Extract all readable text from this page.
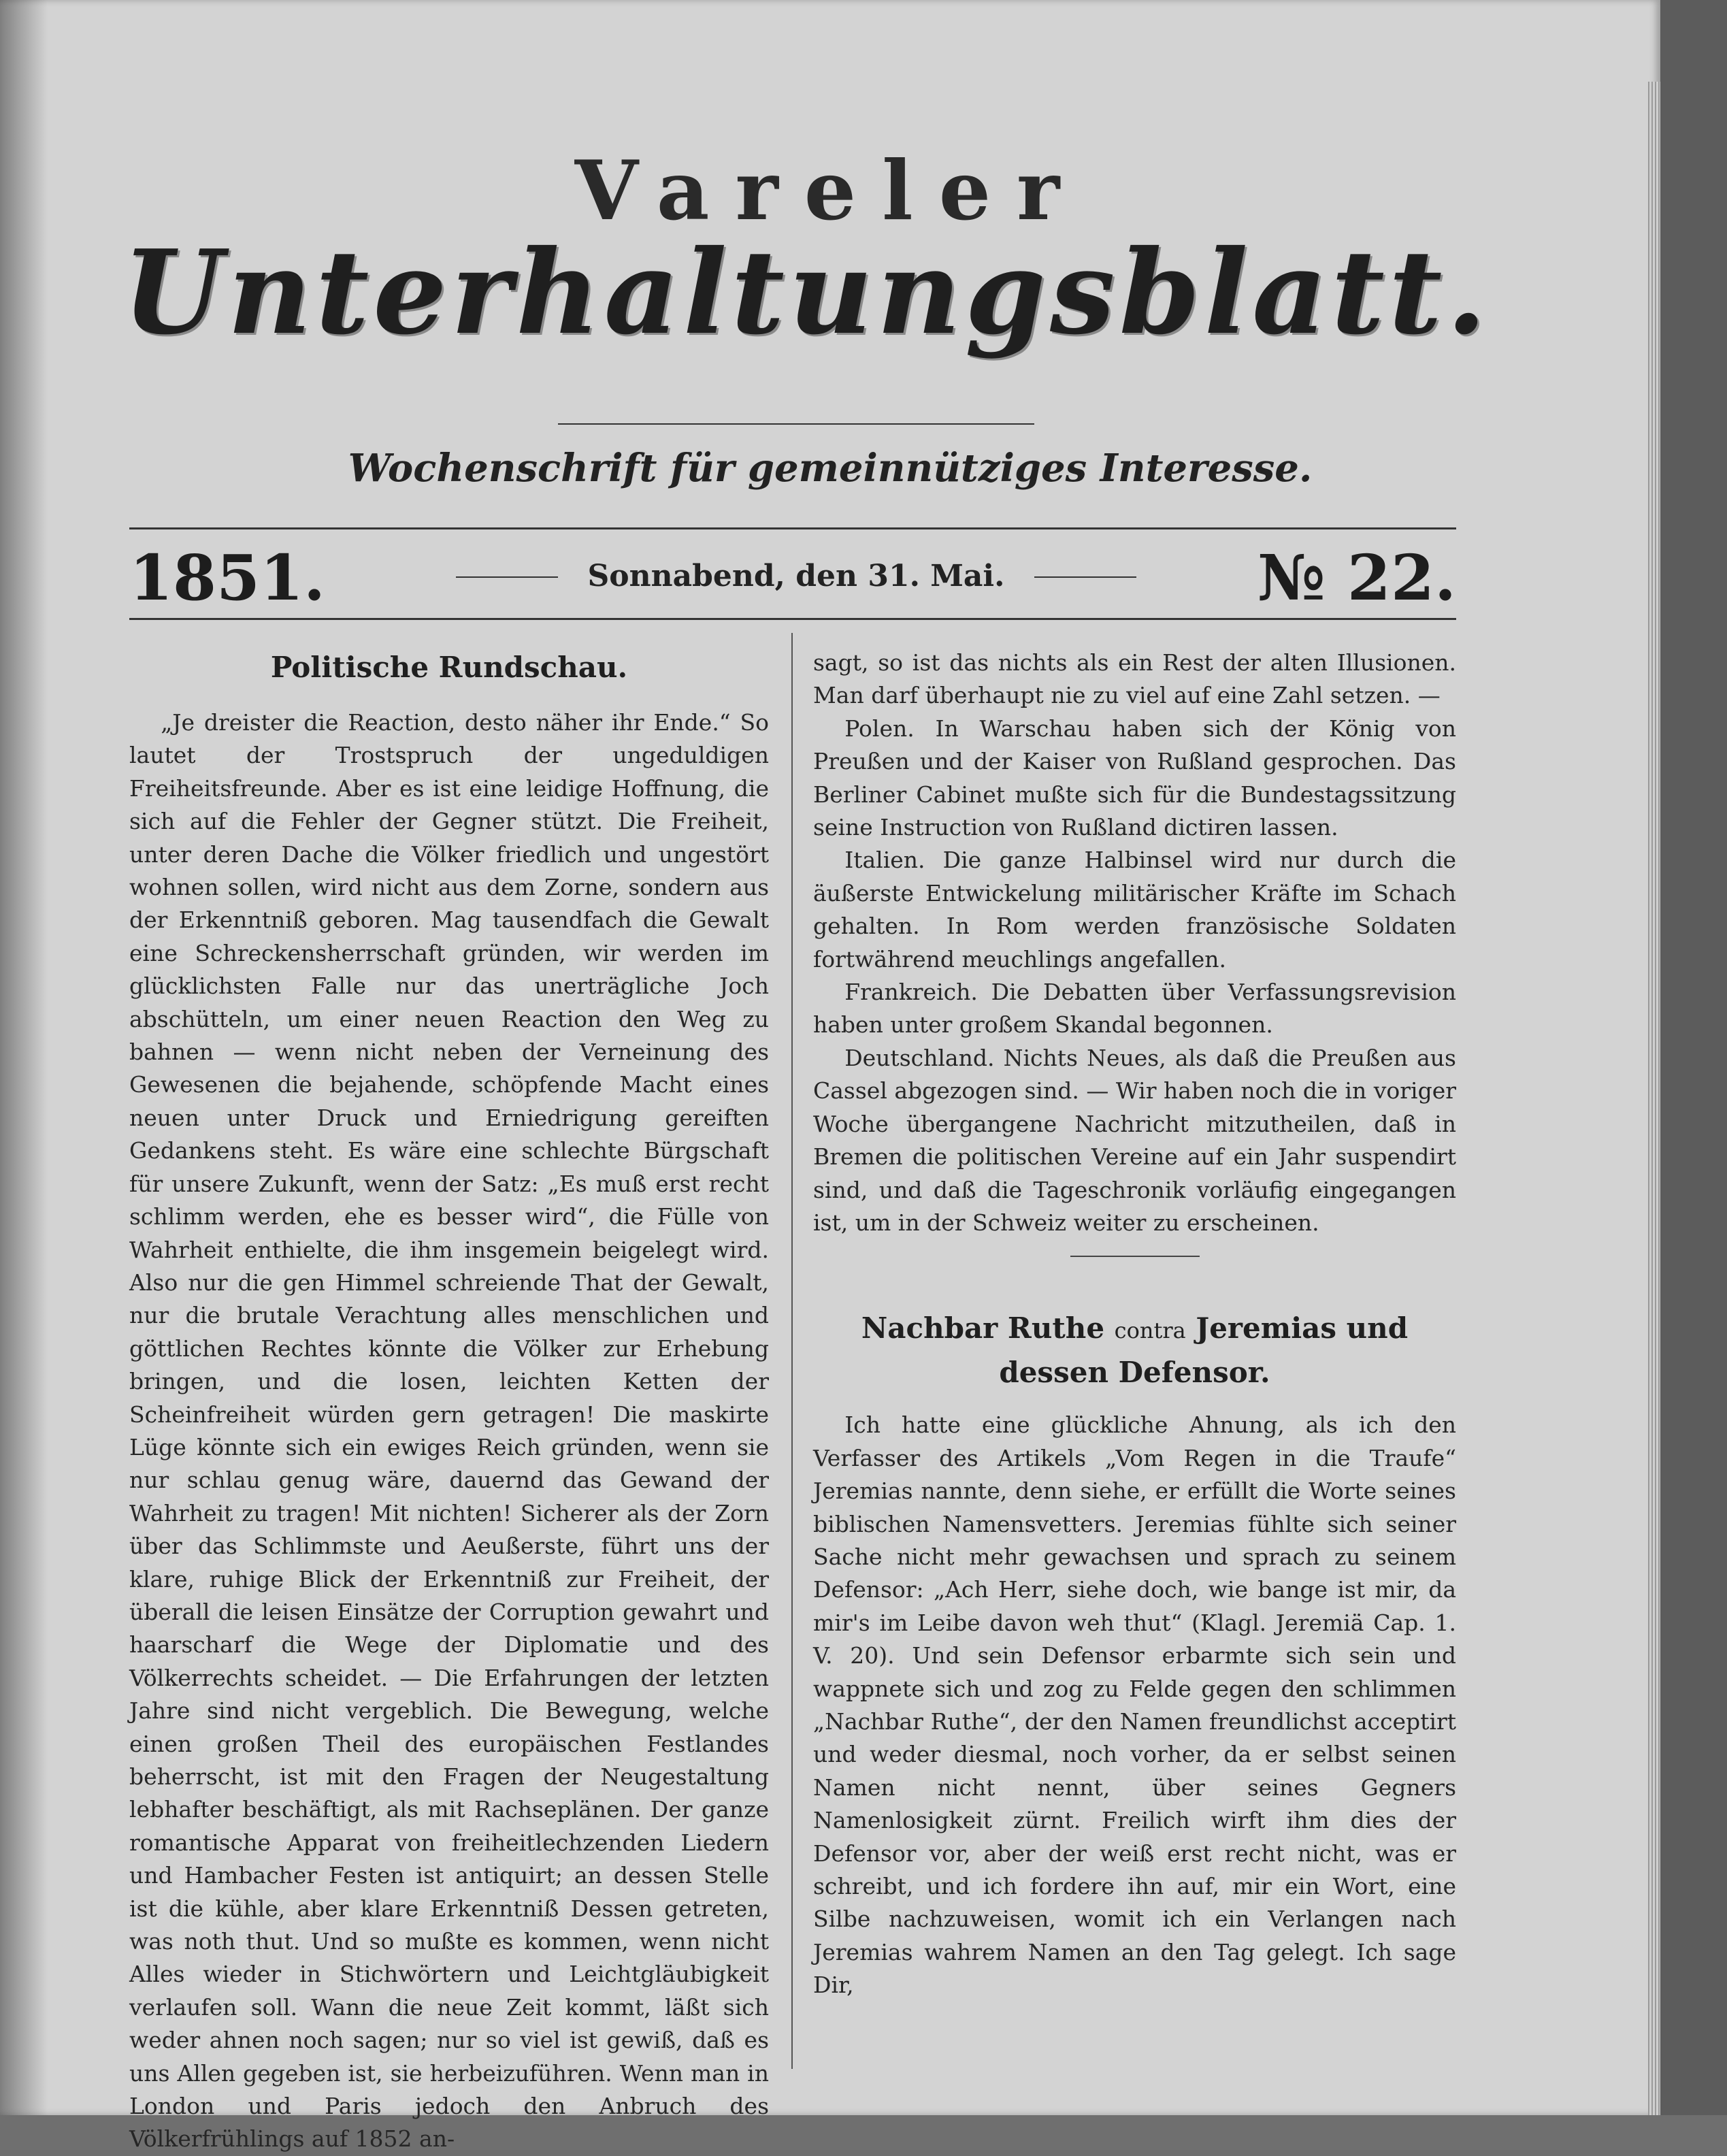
Vareler
Unterhaltungsblatt.
Wochenschrift für gemeinnütziges Interesse.
1851.	Sonnabend, den 31. Mai.	№ 22.
Politische Rundschau.

„Je dreister die Reaction, desto näher ihr Ende.“ So lautet der Trostspruch der ungeduldigen Freiheitsfreunde. Aber es ist eine leidige Hoffnung, die sich auf die Fehler der Gegner stützt. Die Freiheit, unter deren Dache die Völker friedlich und ungestört wohnen sollen, wird nicht aus dem Zorne, sondern aus der Erkenntniß geboren. Mag tausendfach die Gewalt eine Schreckensherrschaft gründen, wir werden im glücklichsten Falle nur das unerträgliche Joch abschütteln, um einer neuen Reaction den Weg zu bahnen — wenn nicht neben der Verneinung des Gewesenen die bejahende, schöpfende Macht eines neuen unter Druck und Erniedrigung gereiften Gedankens steht. Es wäre eine schlechte Bürgschaft für unsere Zukunft, wenn der Satz: „Es muß erst recht schlimm werden, ehe es besser wird“, die Fülle von Wahrheit enthielte, die ihm insgemein beigelegt wird. Also nur die gen Himmel schreiende That der Gewalt, nur die brutale Verachtung alles menschlichen und göttlichen Rechtes könnte die Völker zur Erhebung bringen, und die losen, leichten Ketten der Scheinfreiheit würden gern getragen! Die maskirte Lüge könnte sich ein ewiges Reich gründen, wenn sie nur schlau genug wäre, dauernd das Gewand der Wahrheit zu tragen! Mit nichten! Sicherer als der Zorn über das Schlimmste und Aeußerste, führt uns der klare, ruhige Blick der Erkenntniß zur Freiheit, der überall die leisen Einsätze der Corruption gewahrt und haarscharf die Wege der Diplomatie und des Völkerrechts scheidet. — Die Erfahrungen der letzten Jahre sind nicht vergeblich. Die Bewegung, welche einen großen Theil des europäischen Festlandes beherrscht, ist mit den Fragen der Neugestaltung lebhafter beschäftigt, als mit Rachseplänen. Der ganze romantische Apparat von freiheitlechzenden Liedern und Hambacher Festen ist antiquirt; an dessen Stelle ist die kühle, aber klare Erkenntniß Dessen getreten, was noth thut. Und so mußte es kommen, wenn nicht Alles wieder in Stichwörtern und Leichtgläubigkeit verlaufen soll. Wann die neue Zeit kommt, läßt sich weder ahnen noch sagen; nur so viel ist gewiß, daß es uns Allen gegeben ist, sie herbeizuführen. Wenn man in London und Paris jedoch den Anbruch des Völkerfrühlings auf 1852 an-

sagt, so ist das nichts als ein Rest der alten Illusionen. Man darf überhaupt nie zu viel auf eine Zahl setzen. —

Polen. In Warschau haben sich der König von Preußen und der Kaiser von Rußland gesprochen. Das Berliner Cabinet mußte sich für die Bundestagssitzung seine Instruction von Rußland dictiren lassen.

Italien. Die ganze Halbinsel wird nur durch die äußerste Entwickelung militärischer Kräfte im Schach gehalten. In Rom werden französische Soldaten fortwährend meuchlings angefallen.

Frankreich. Die Debatten über Verfassungsrevision haben unter großem Skandal begonnen.

Deutschland. Nichts Neues, als daß die Preußen aus Cassel abgezogen sind. — Wir haben noch die in voriger Woche übergangene Nachricht mitzutheilen, daß in Bremen die politischen Vereine auf ein Jahr suspendirt sind, und daß die Tageschronik vorläufig eingegangen ist, um in der Schweiz weiter zu erscheinen.

Nachbar Ruthe contra Jeremias und dessen Defensor.

Ich hatte eine glückliche Ahnung, als ich den Verfasser des Artikels „Vom Regen in die Traufe“ Jeremias nannte, denn siehe, er erfüllt die Worte seines biblischen Namensvetters. Jeremias fühlte sich seiner Sache nicht mehr gewachsen und sprach zu seinem Defensor: „Ach Herr, siehe doch, wie bange ist mir, da mir's im Leibe davon weh thut“ (Klagl. Jeremiä Cap. 1. V. 20). Und sein Defensor erbarmte sich sein und wappnete sich und zog zu Felde gegen den schlimmen „Nachbar Ruthe“, der den Namen freundlichst acceptirt und weder diesmal, noch vorher, da er selbst seinen Namen nicht nennt, über seines Gegners Namenlosigkeit zürnt. Freilich wirft ihm dies der Defensor vor, aber der weiß erst recht nicht, was er schreibt, und ich fordere ihn auf, mir ein Wort, eine Silbe nachzuweisen, womit ich ein Verlangen nach Jeremias wahrem Namen an den Tag gelegt. Ich sage Dir,
